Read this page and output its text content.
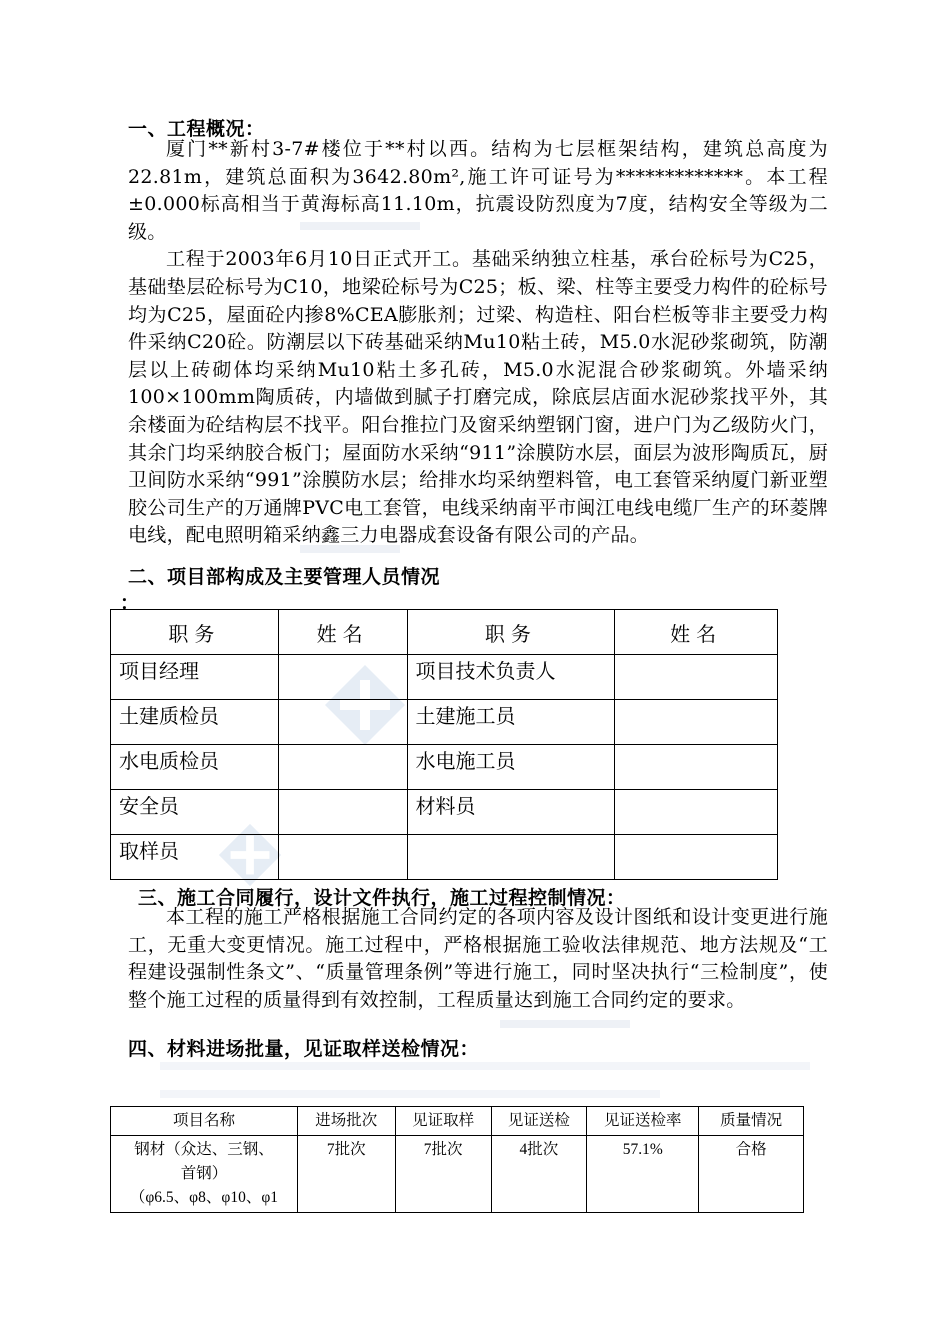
一、工程概况：

厦门**新村3-7#楼位于**村以西。结构为七层框架结构，建筑总高度为22.81m，建筑总面积为3642.80m²,施工许可证号为*************。本工程±0.000标高相当于黄海标高11.10m，抗震设防烈度为7度，结构安全等级为二级。

工程于2003年6月10日正式开工。基础采纳独立柱基，承台砼标号为C25，基础垫层砼标号为C10，地梁砼标号为C25；板、梁、柱等主要受力构件的砼标号均为C25，屋面砼内掺8%CEA膨胀剂；过梁、构造柱、阳台栏板等非主要受力构件采纳C20砼。防潮层以下砖基础采纳Mu10粘土砖，M5.0水泥砂浆砌筑，防潮层以上砖砌体均采纳Mu10粘土多孔砖，M5.0水泥混合砂浆砌筑。外墙采纳100×100mm陶质砖，内墙做到腻子打磨完成，除底层店面水泥砂浆找平外，其余楼面为砼结构层不找平。阳台推拉门及窗采纳塑钢门窗，进户门为乙级防火门，其余门均采纳胶合板门；屋面防水采纳“911”涂膜防水层，面层为波形陶质瓦，厨卫间防水采纳“991”涂膜防水层；给排水均采纳塑料管，电工套管采纳厦门新亚塑胶公司生产的万通牌PVC电工套管，电线采纳南平市闽江电线电缆厂生产的环菱牌电线，配电照明箱采纳鑫三力电器成套设备有限公司的产品。

二、项目部构成及主要管理人员情况
：
职务	姓名	职务	姓名
项目经理		项目技术负责人	
土建质检员		土建施工员	
水电质检员		水电施工员	
安全员		材料员	
取样员			
三、施工合同履行，设计文件执行，施工过程控制情况：

本工程的施工严格根据施工合同约定的各项内容及设计图纸和设计变更进行施工，无重大变更情况。施工过程中，严格根据施工验收法律规范、地方法规及“工程建设强制性条文”、“质量管理条例”等进行施工，同时坚决执行“三检制度”，使整个施工过程的质量得到有效控制，工程质量达到施工合同约定的要求。

四、材料进场批量，见证取样送检情况：
项目名称	进场批次	见证取样	见证送检	见证送检率	质量情况

钢材（众达、三钢、
首钢）
（φ6.5、φ8、φ10、φ1	7批次	7批次	4批次	57.1%	合格
